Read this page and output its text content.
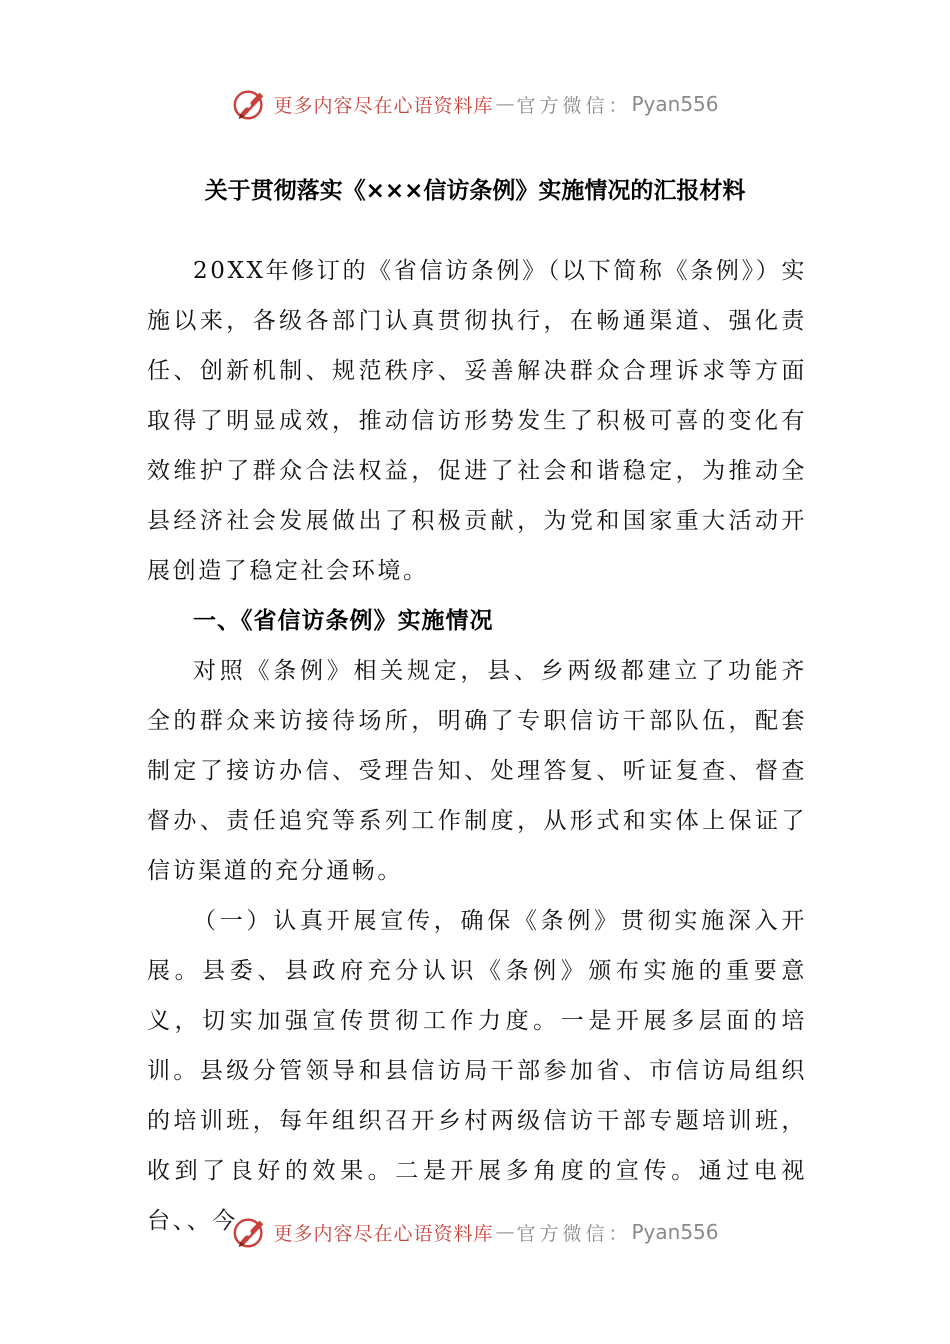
更多内容尽在心语资料库 — 官方微信： Pyan556
关于贯彻落实《×××信访条例》实施情况的汇报材料

20XX年修订的《省信访条例》（以下简称《条例》）实施以来，各级各部门认真贯彻执行，在畅通渠道、强化责任、创新机制、规范秩序、妥善解决群众合理诉求等方面取得了明显成效，推动信访形势发生了积极可喜的变化有效维护了群众合法权益，促进了社会和谐稳定，为推动全县经济社会发展做出了积极贡献，为党和国家重大活动开展创造了稳定社会环境。

一、《省信访条例》实施情况

对照《条例》相关规定，县、乡两级都建立了功能齐全的群众来访接待场所，明确了专职信访干部队伍，配套制定了接访办信、受理告知、处理答复、听证复查、督查督办、责任追究等系列工作制度，从形式和实体上保证了信访渠道的充分通畅。

（一）认真开展宣传，确保《条例》贯彻实施深入开展。县委、县政府充分认识《条例》颁布实施的重要意义，切实加强宣传贯彻工作力度。一是开展多层面的培训。县级分管领导和县信访局干部参加省、市信访局组织的培训班，每年组织召开乡村两级信访干部专题培训班，收到了良好的效果。二是开展多角度的宣传。通过电视台、、今	更多内容尽在心语资料库 — 官方微信： Pyan556
